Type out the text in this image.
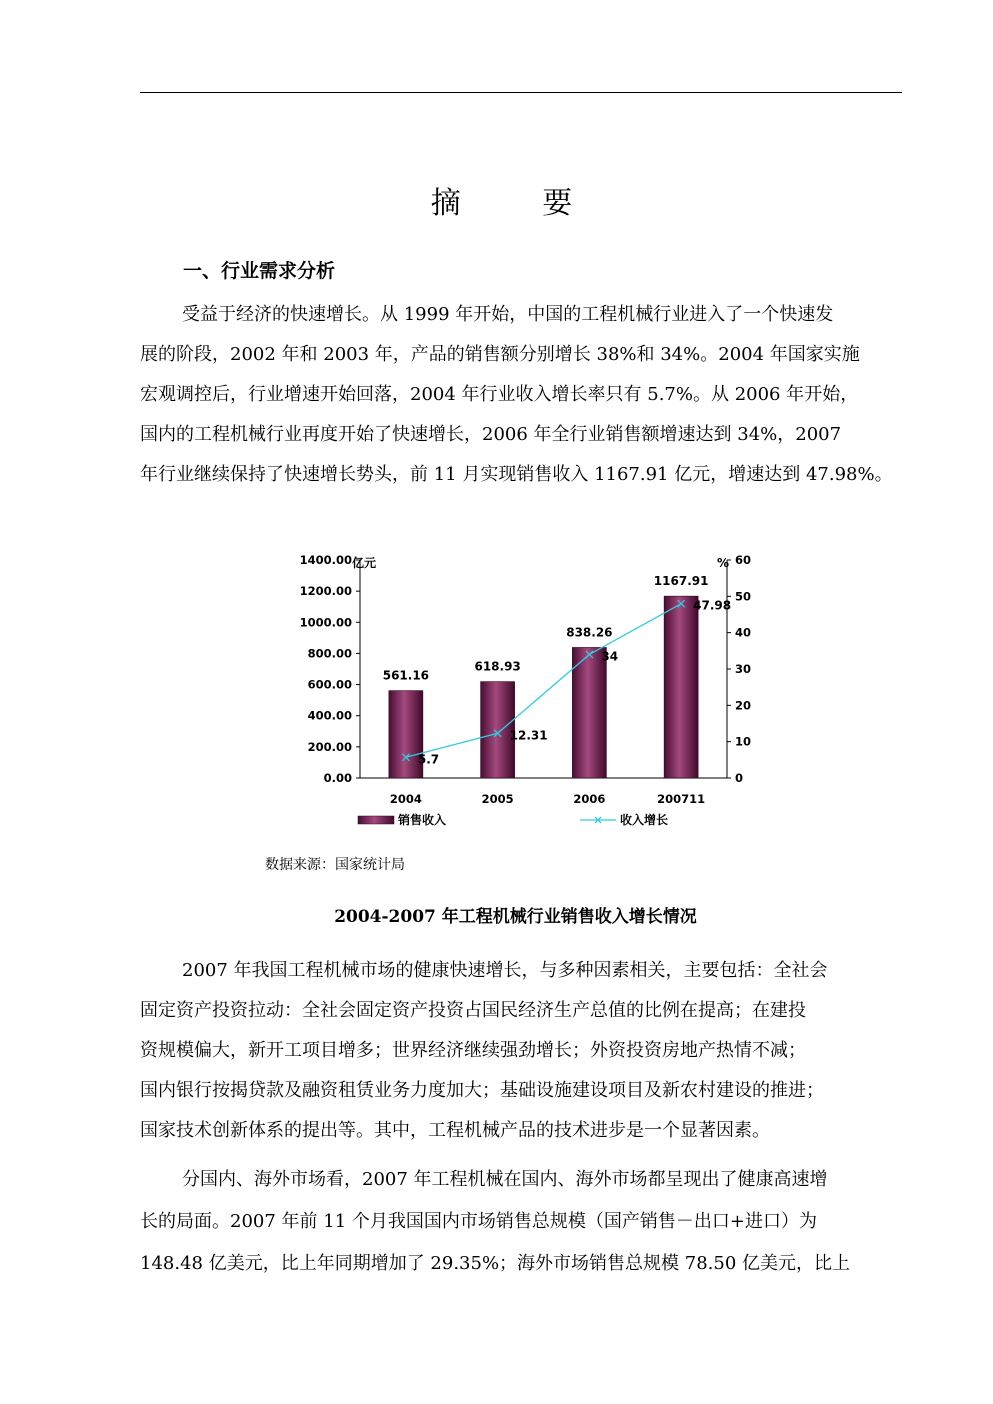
摘 要
一、行业需求分析

受益于经济的快速增长。从 1999 年开始，中国的工程机械行业进入了一个快速发
展的阶段，2002 年和 2003 年，产品的销售额分别增长 38%和 34%。2004 年国家实施
宏观调控后，行业增速开始回落，2004 年行业收入增长率只有 5.7%。从 2006 年开始，
国内的工程机械行业再度开始了快速增长，2006 年全行业销售额增速达到 34%，2007
年行业继续保持了快速增长势头，前 11 月实现销售收入 1167.91 亿元，增速达到 47.98%。

0.00
200.00
400.00
600.00
800.00
1000.00
1200.00
1400.00
0
10
20
30
40
50
60
亿元	%
2004	2005	2006	200711
561.16
618.93
838.26
1167.91
5.7
12.31
34
47.98
销售收入	收入增长
数据来源：国家统计局
2004-2007 年工程机械行业销售收入增长情况

2007 年我国工程机械市场的健康快速增长，与多种因素相关，主要包括：全社会
固定资产投资拉动：全社会固定资产投资占国民经济生产总值的比例在提高；在建投
资规模偏大，新开工项目增多；世界经济继续强劲增长；外资投资房地产热情不减；
国内银行按揭贷款及融资租赁业务力度加大；基础设施建设项目及新农村建设的推进；
国家技术创新体系的提出等。其中，工程机械产品的技术进步是一个显著因素。

分国内、海外市场看，2007 年工程机械在国内、海外市场都呈现出了健康高速增
长的局面。2007 年前 11 个月我国国内市场销售总规模（国产销售－出口+进口）为
148.48 亿美元，比上年同期增加了 29.35%；海外市场销售总规模 78.50 亿美元，比上
